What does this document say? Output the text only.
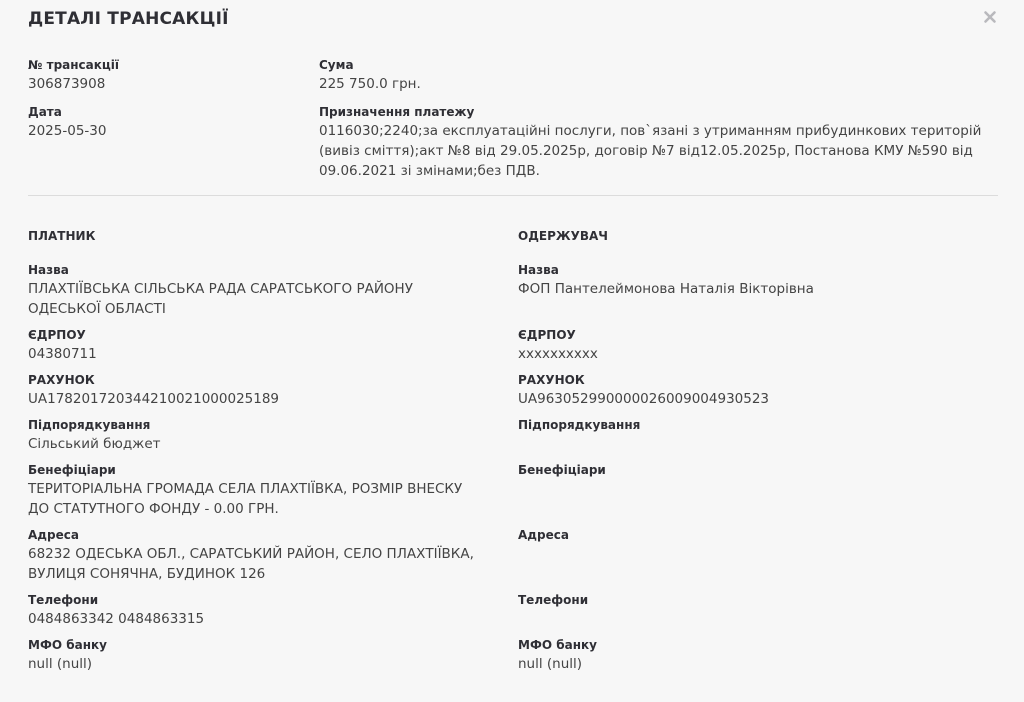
ДЕТАЛІ ТРАНСАКЦІЇ
№ трансакції
306873908
Дата
2025-05-30
Сума
225 750.0 грн.
Призначення платежу
0116030;2240;за експлуатаційні послуги, пов`язані з утриманням прибудинкових територій (вивіз сміття);акт №8 від 29.05.2025р, договір №7 від12.05.2025р, Постанова КМУ №590 від 09.06.2021 зі змінами;без ПДВ.
ПЛАТНИК
Назва
ПЛАХТІЇВСЬКА СІЛЬСЬКА РАДА САРАТСЬКОГО РАЙОНУ ОДЕСЬКОЇ ОБЛАСТІ
ЄДРПОУ
04380711
РАХУНОК
UA178201720344210021000025189
Підпорядкування
Сільський бюджет
Бенефіціари
ТЕРИТОРІАЛЬНА ГРОМАДА СЕЛА ПЛАХТІЇВКА, РОЗМІР ВНЕСКУ ДО СТАТУТНОГО ФОНДУ - 0.00 ГРН.
Адреса
68232 ОДЕСЬКА ОБЛ., САРАТСЬКИЙ РАЙОН, СЕЛО ПЛАХТІЇВКА, ВУЛИЦЯ СОНЯЧНА, БУДИНОК 126
Телефони
0484863342 0484863315
МФО банку
null (null)
ОДЕРЖУВАЧ
Назва
ФОП Пантелеймонова Наталія Вікторівна
ЄДРПОУ
xxxxxxxxxx
РАХУНОК
UA963052990000026009004930523
Підпорядкування
Бенефіціари
Адреса
Телефони
МФО банку
null (null)
